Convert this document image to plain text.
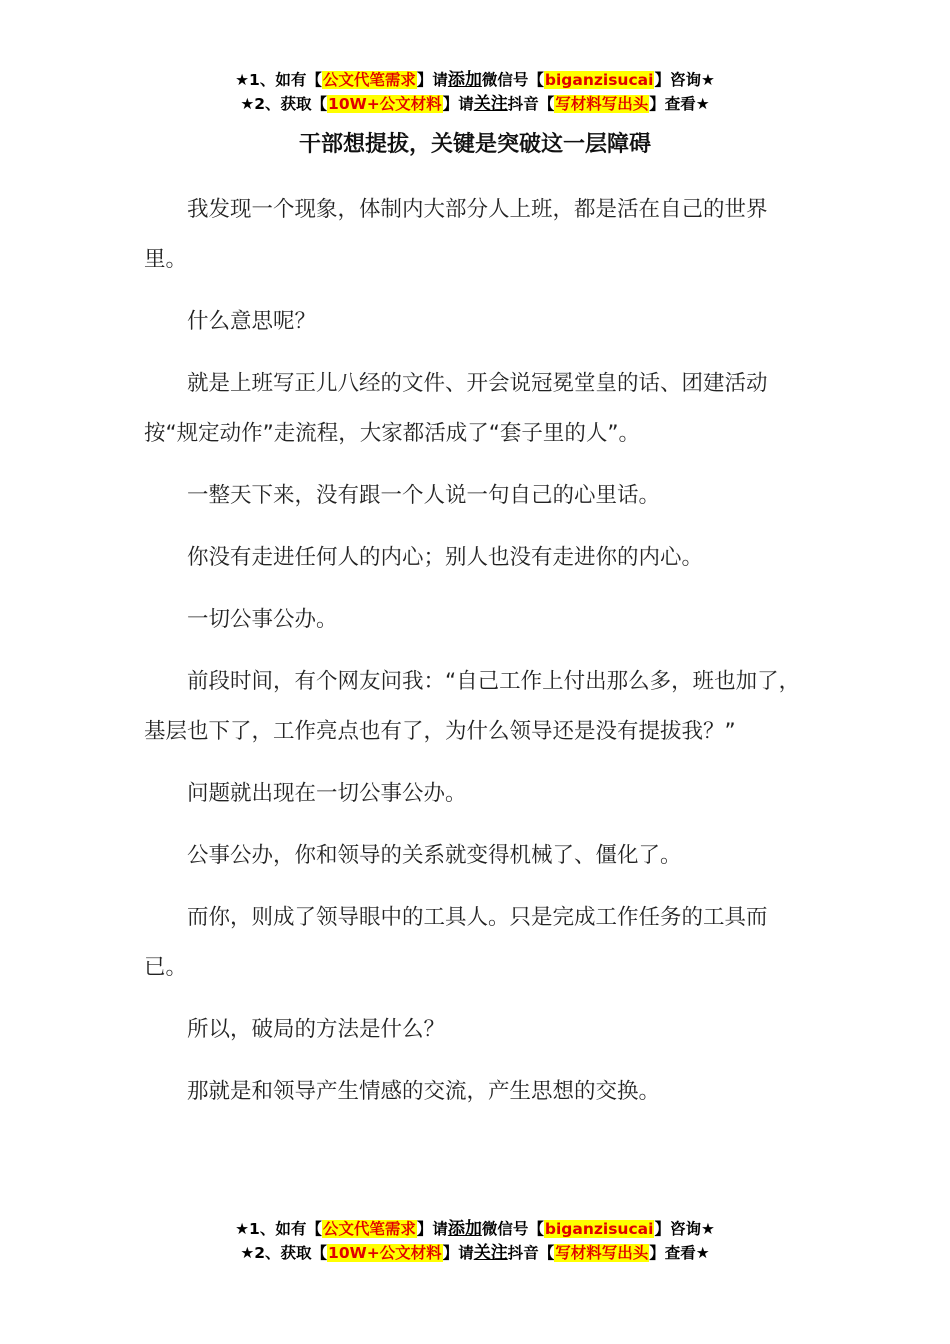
★1、如有【公文代笔需求】请添加微信号【biganzisucai】咨询★
★2、获取【10W+公文材料】请关注抖音【写材料写出头】查看★
干部想提拔，关键是突破这一层障碍

我发现一个现象，体制内大部分人上班，都是活在自己的世界里。

什么意思呢？

就是上班写正儿八经的文件、开会说冠冕堂皇的话、团建活动按“规定动作”走流程，大家都活成了“套子里的人”。

一整天下来，没有跟一个人说一句自己的心里话。

你没有走进任何人的内心；别人也没有走进你的内心。

一切公事公办。

前段时间，有个网友问我：“自己工作上付出那么多，班也加了，基层也下了，工作亮点也有了，为什么领导还是没有提拔我？”

问题就出现在一切公事公办。

公事公办，你和领导的关系就变得机械了、僵化了。

而你，则成了领导眼中的工具人。只是完成工作任务的工具而已。

所以，破局的方法是什么？

那就是和领导产生情感的交流，产生思想的交换。

★1、如有【公文代笔需求】请添加微信号【biganzisucai】咨询★
★2、获取【10W+公文材料】请关注抖音【写材料写出头】查看★
